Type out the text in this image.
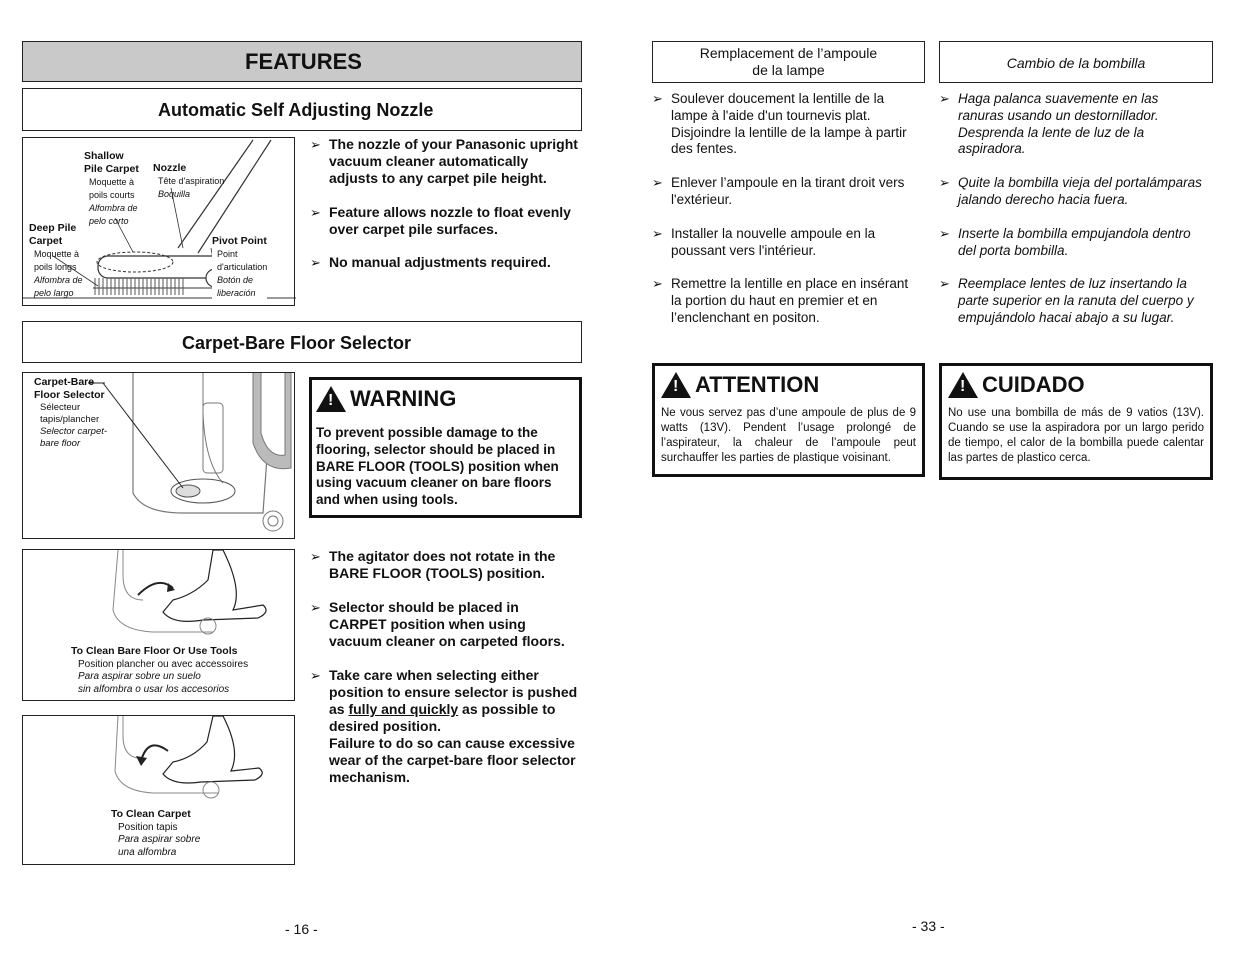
FEATURES
Automatic Self Adjusting Nozzle
Shallow
Pile Carpet
Moquette à
poils courts
Alfombra de
pelo corto
Nozzle
Tête d'aspiration
Boquilla
Deep Pile
Carpet
Moquette à
poils longs
Alfombra de
pelo largo
Pivot Point
Point
d'articulation
Botón de
liberación
➢ The nozzle of your Panasonic upright
vacuum cleaner automatically
adjusts to any carpet pile height.
➢ Feature allows nozzle to float evenly
over carpet pile surfaces.
➢ No manual adjustments required.
Carpet-Bare Floor Selector
Carpet-Bare
Floor Selector
Sélecteur
tapis/plancher
Selector carpet-
bare floor
! WARNING
To prevent possible damage to the
flooring, selector should be placed in
BARE FLOOR (TOOLS) position when
using vacuum cleaner on bare floors
and when using tools.
To Clean Bare Floor Or Use Tools
Position plancher ou avec accessoires
Para aspirar sobre un suelo
sin alfombra o usar los accesorios
To Clean Carpet
Position tapis
Para aspirar sobre
una alfombra
➢ The agitator does not rotate in the
BARE FLOOR (TOOLS) position.
➢ Selector should be placed in
CARPET position when using
vacuum cleaner on carpeted floors.
➢ Take care when selecting either
position to ensure selector is pushed
as fully and quickly as possible to
desired position.
Failure to do so can cause excessive
wear of the carpet-bare floor selector
mechanism.
- 16 -
Remplacement de l’ampoule
de la lampe	Cambio de la bombilla
➢ Soulever doucement la lentille de la
lampe à l'aide d'un tournevis plat.
Disjoindre la lentille de la lampe à partir
des fentes.
➢ Enlever l’ampoule en la tirant droit vers
l'extérieur.
➢ Installer la nouvelle ampoule en la
poussant vers l'intérieur.
➢ Remettre la lentille en place en insérant
la portion du haut en premier et en
l’enclenchant en positon.
➢ Haga palanca suavemente en las
ranuras usando un destornillador.
Desprenda la lente de luz de la
aspiradora.
➢ Quite la bombilla vieja del portalámparas
jalando derecho hacia fuera.
➢ Inserte la bombilla empujandola dentro
del porta bombilla.
➢ Reemplace lentes de luz insertando la
parte superior en la ranuta del cuerpo y
empujándolo hacai abajo a su lugar.
! ATTENTION
Ne vous servez pas d’une ampoule de plus de 9 watts (13V). Pendent l’usage prolongé de l’aspirateur, la chaleur de l’ampoule peut surchauffer les parties de plastique voisinant.
! CUIDADO
No use una bombilla de más de 9 vatios (13V). Cuando se use la aspiradora por un largo perido de tiempo, el calor de la bombilla puede calentar las partes de plastico cerca.
- 33 -
